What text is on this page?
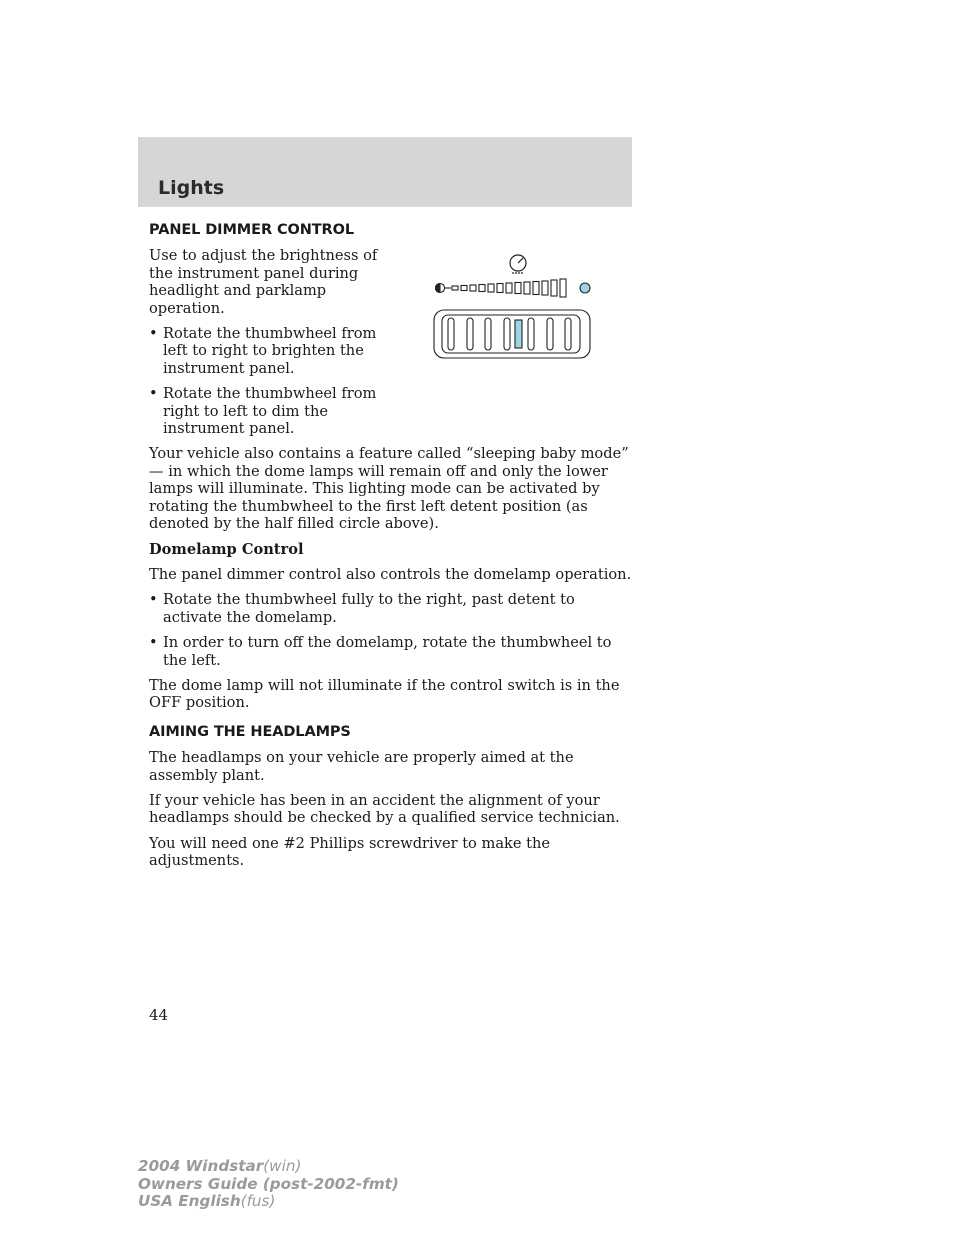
Lights
PANEL DIMMER CONTROL

Use to adjust the brightness of the instrument panel during headlight and parklamp operation.

• Rotate the thumbwheel from left to right to brighten the instrument panel.
• Rotate the thumbwheel from right to left to dim the instrument panel.

Your vehicle also contains a feature called “sleeping baby mode” — in which the dome lamps will remain off and only the lower lamps will illuminate. This lighting mode can be activated by rotating the thumbwheel to the first left detent position (as denoted by the half filled circle above).

Domelamp Control

The panel dimmer control also controls the domelamp operation.

• Rotate the thumbwheel fully to the right, past detent to activate the domelamp.
• In order to turn off the domelamp, rotate the thumbwheel to the left.

The dome lamp will not illuminate if the control switch is in the OFF position.

AIMING THE HEADLAMPS

The headlamps on your vehicle are properly aimed at the assembly plant.

If your vehicle has been in an accident the alignment of your headlamps should be checked by a qualified service technician.

You will need one #2 Phillips screwdriver to make the adjustments.

44
2004 Windstar(win)
Owners Guide (post-2002-fmt)
USA English(fus)
